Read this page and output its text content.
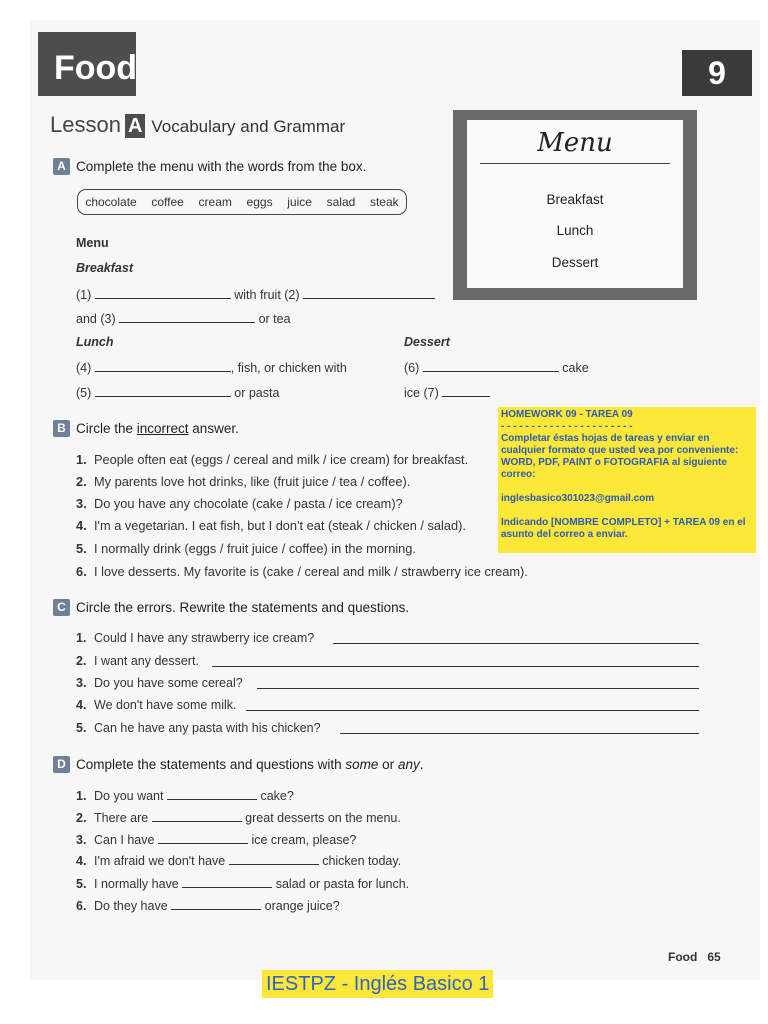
Food	9
Lesson A Vocabulary and Grammar
A Complete the menu with the words from the box.
chocolate coffee cream eggs juice salad steak
Menu
Breakfast
(1)	with fruit (2)
and (3)	or tea
Lunch	Dessert
(4)	, fish, or chicken with	(6)	cake
(5)	or pasta	ice (7)
Menu
Breakfast
Lunch
Dessert
HOMEWORK 09 - TAREA 09
- - - - - - - - - - - - - - - - - - - - - -
Completar éstas hojas de tareas y enviar en cualquier formato que usted vea por conveniente: WORD, PDF, PAINT o FOTOGRAFIA al siguiente correo:
inglesbasico301023@gmail.com
Indicando [NOMBRE COMPLETO] + TAREA 09 en el asunto del correo a enviar.
B Circle the incorrect answer.
1. People often eat (eggs / cereal and milk / ice cream) for breakfast.
2. My parents love hot drinks, like (fruit juice / tea / coffee).
3. Do you have any chocolate (cake / pasta / ice cream)?
4. I'm a vegetarian. I eat fish, but I don't eat (steak / chicken / salad).
5. I normally drink (eggs / fruit juice / coffee) in the morning.
6. I love desserts. My favorite is (cake / cereal and milk / strawberry ice cream).
C Circle the errors. Rewrite the statements and questions.
1. Could I have any strawberry ice cream?
2. I want any dessert.
3. Do you have some cereal?
4. We don't have some milk.
5. Can he have any pasta with his chicken?
D Complete the statements and questions with some or any.
1. Do you want	cake?
2. There are	great desserts on the menu.
3. Can I have	ice cream, please?
4. I'm afraid we don't have	chicken today.
5. I normally have	salad or pasta for lunch.
6. Do they have	orange juice?
Food 65
IESTPZ - Inglés Basico 1
